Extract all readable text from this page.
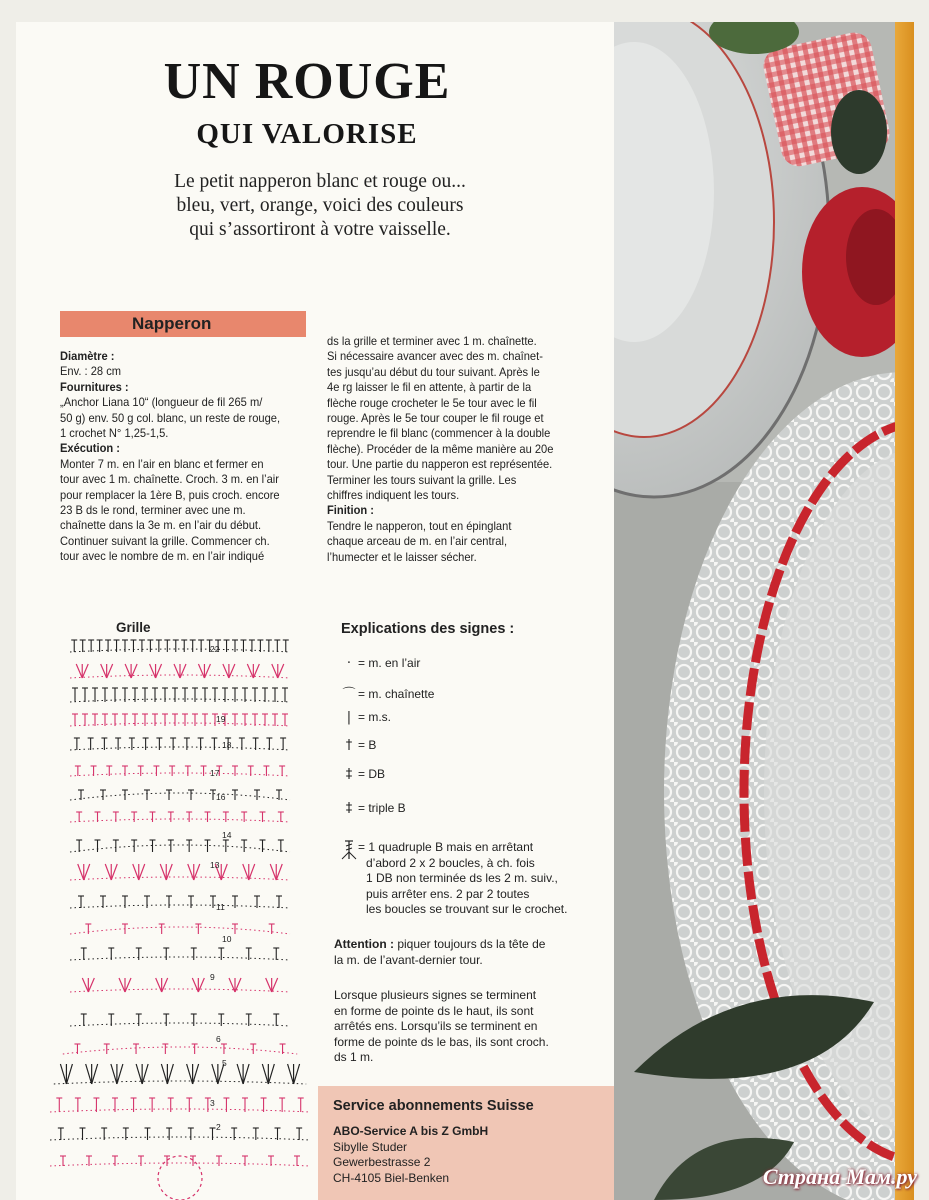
UN ROUGE
QUI VALORISE
Le petit napperon blanc et rouge ou...
bleu, vert, orange, voici des couleurs
qui s’assortiront à votre vaisselle.
Napperon
Diamètre :
Env. : 28 cm
Fournitures :
„Anchor Liana 10“ (longueur de fil 265 m/
50 g) env. 50 g col. blanc, un reste de rouge,
1 crochet N° 1,25-1,5.
Exécution :
Monter 7 m. en l’air en blanc et fermer en
tour avec 1 m. chaînette. Croch. 3 m. en l’air
pour remplacer la 1ère B, puis croch. encore
23 B ds le rond, terminer avec une m.
chaînette dans la 3e m. en l’air du début.
Continuer suivant la grille. Commencer ch.
tour avec le nombre de m. en l’air indiqué
ds la grille et terminer avec 1 m. chaînette.
Si nécessaire avancer avec des m. chaînet-
tes jusqu’au début du tour suivant. Après le
4e rg laisser le fil en attente, à partir de la
flèche rouge crocheter le 5e tour avec le fil
rouge. Après le 5e tour couper le fil rouge et
reprendre le fil blanc (commencer à la double
flèche). Procéder de la même manière au 20e
tour. Une partie du napperon est représentée.
Terminer les tours suivant la grille. Les
chiffres indiquent les tours.
Finition :
Tendre le napperon, tout en épinglant
chaque arceau de m. en l’air central,
l’humecter et le laisser sécher.
Grille
22
19
18
17
16
14
13
11
10
9
6
5
3
2
Explications des signes :
· = m. en l’air
⌒ = m. chaînette
| = m.s.
† = B
‡ = DB
‡ = triple B
= 1 quadruple B mais en arrêtant
d’abord 2 x 2 boucles, à ch. fois
1 DB non terminée ds les 2 m. suiv.,
puis arrêter ens. 2 par 2 toutes
les boucles se trouvant sur le crochet.
Attention : piquer toujours ds la tête de
la m. de l’avant-dernier tour.
Lorsque plusieurs signes se terminent
en forme de pointe ds le haut, ils sont
arrêtés ens. Lorsqu’ils se terminent en
forme de pointe ds le bas, ils sont croch.
ds 1 m.
Service abonnements Suisse
ABO-Service A bis Z GmbH
Sibylle Studer
Gewerbestrasse 2
CH-4105 Biel-Benken	Страна Мам.ру
